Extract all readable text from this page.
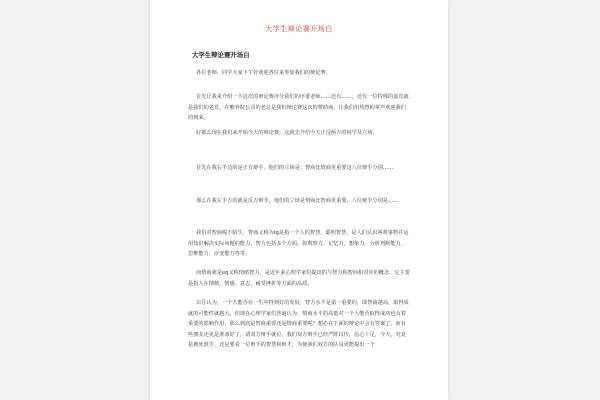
大学生辩论赛开场白
大学生辩论赛开场白
各位老师、同学大家下午好欢迎各位来参加我们的辩论赛。
首先让我来介绍一下这次的辩论赛评分我们的评委老师……还有……，还有一位特殊的嘉宾就是我们的老党，在赡养院公司的老总是我们辩论赛这次的赞助商，让我们用热烈的掌声欢迎我们的到来。
好那么现在我们来开始今天的辩论赛，这就先介绍今天正反两方的同学及立场。
首先在我右手边的是正方辩手，他们的立场是：智商比情商更重要这八位辩手分别……
那么在我左手方的就是反方辩手，他们的立场是情商比智商更重要，八位辩手分别是……
我们对智商呢不陌生，智商又称为iq是指一个人的智慧，聪明智慧、是人们认识客观事物并运用知识解决实际问题的能力、智力包括多个方面，如观察力、记忆力、想象力、分析判断能力、思维能力、应变能力等等。
而情商就是eq又称情绪智力，是近年来心理学家们提出的与智力和智商相对应的概念，它主要是指人在情绪、情感、意志、耐受挫折等方面的品质。
以往认为，一个人能否在一生中得到好的发展，智力水平是第一重要的，即智商越高，取得成就的可能性就越大，但现在心理学家们普遍认为，情商水平的高低对一个人能否取得成功也有着重要的影响作用，那么到底是智商重要还是情商重要呢？想必在下面的辩论中会有答案了，而有些朋友还更是准备好了，请双方辩手就位，我们双方辩手已经严阵以待，信心十足，今天，究竟是鹿死谁手，还是要看一位辩手的智慧和辩才，为使我们双方的队员更能提出一个
